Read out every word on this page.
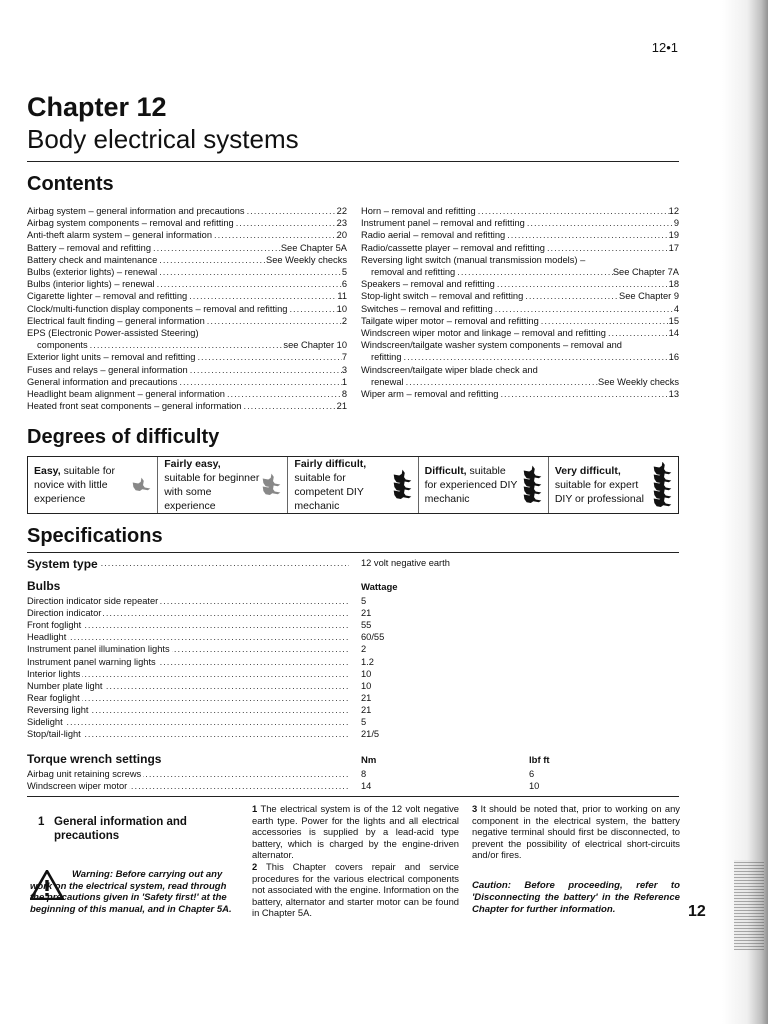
12•1
Chapter 12
Body electrical systems
Contents
Airbag system – general information and precautions .....	22
Airbag system components – removal and refitting .....	23
Anti-theft alarm system – general information .....	20
Battery – removal and refitting .....	See Chapter 5A
Battery check and maintenance .....	See Weekly checks
Bulbs (exterior lights) – renewal .....	5
Bulbs (interior lights) – renewal .....	6
Cigarette lighter – removal and refitting .....	11
Clock/multi-function display components – removal and refitting .....	10
Electrical fault finding – general information .....	2
EPS (Electronic Power-assisted Steering)
components .....	see Chapter 10
Exterior light units – removal and refitting .....	7
Fuses and relays – general information .....	3
General information and precautions .....	1
Headlight beam alignment – general information .....	8
Heated front seat components – general information .....	21
Horn – removal and refitting .....	12
Instrument panel – removal and refitting .....	9
Radio aerial – removal and refitting .....	19
Radio/cassette player – removal and refitting .....	17
Reversing light switch (manual transmission models) –
removal and refitting .....	See Chapter 7A
Speakers – removal and refitting .....	18
Stop-light switch – removal and refitting .....	See Chapter 9
Switches – removal and refitting .....	4
Tailgate wiper motor – removal and refitting .....	15
Windscreen wiper motor and linkage – removal and refitting .....	14
Windscreen/tailgate washer system components – removal and
refitting .....	16
Windscreen/tailgate wiper blade check and
renewal .....	See Weekly checks
Wiper arm – removal and refitting .....	13
Degrees of difficulty
Easy, suitable for novice with little experience
Fairly easy, suitable for beginner with some experience
Fairly difficult, suitable for competent DIY mechanic
Difficult, suitable for experienced DIY mechanic
Very difficult, suitable for expert DIY or professional
Specifications
.....
System type	12 volt negative earth
Bulbs	Wattage
.....
Direction indicator side repeater	5
.....
Direction indicator	21
.....
Front foglight	55
.....
Headlight	60/55
.....
Instrument panel illumination lights	2
.....
Instrument panel warning lights	1.2
.....
Interior lights	10
.....
Number plate light	10
.....
Rear foglight	21
.....
Reversing light	21
.....
Sidelight	5
.....
Stop/tail-light	21/5
Torque wrench settings	Nm	lbf ft
.....
Airbag unit retaining screws	8	6
.....
Windscreen wiper motor	14	10
1 General information and precautions
Warning: Before carrying out any work on the electrical system, read through the precautions given in 'Safety first!' at the beginning of this manual, and in Chapter 5A.

1 The electrical system is of the 12 volt negative earth type. Power for the lights and all electrical accessories is supplied by a lead-acid type battery, which is charged by the engine-driven alternator.

2 This Chapter covers repair and service procedures for the various electrical components not associated with the engine. Information on the battery, alternator and starter motor can be found in Chapter 5A.

3 It should be noted that, prior to working on any component in the electrical system, the battery negative terminal should first be disconnected, to prevent the possibility of electrical short-circuits and/or fires.

Caution: Before proceeding, refer to 'Disconnecting the battery' in the Reference Chapter for further information.	12
